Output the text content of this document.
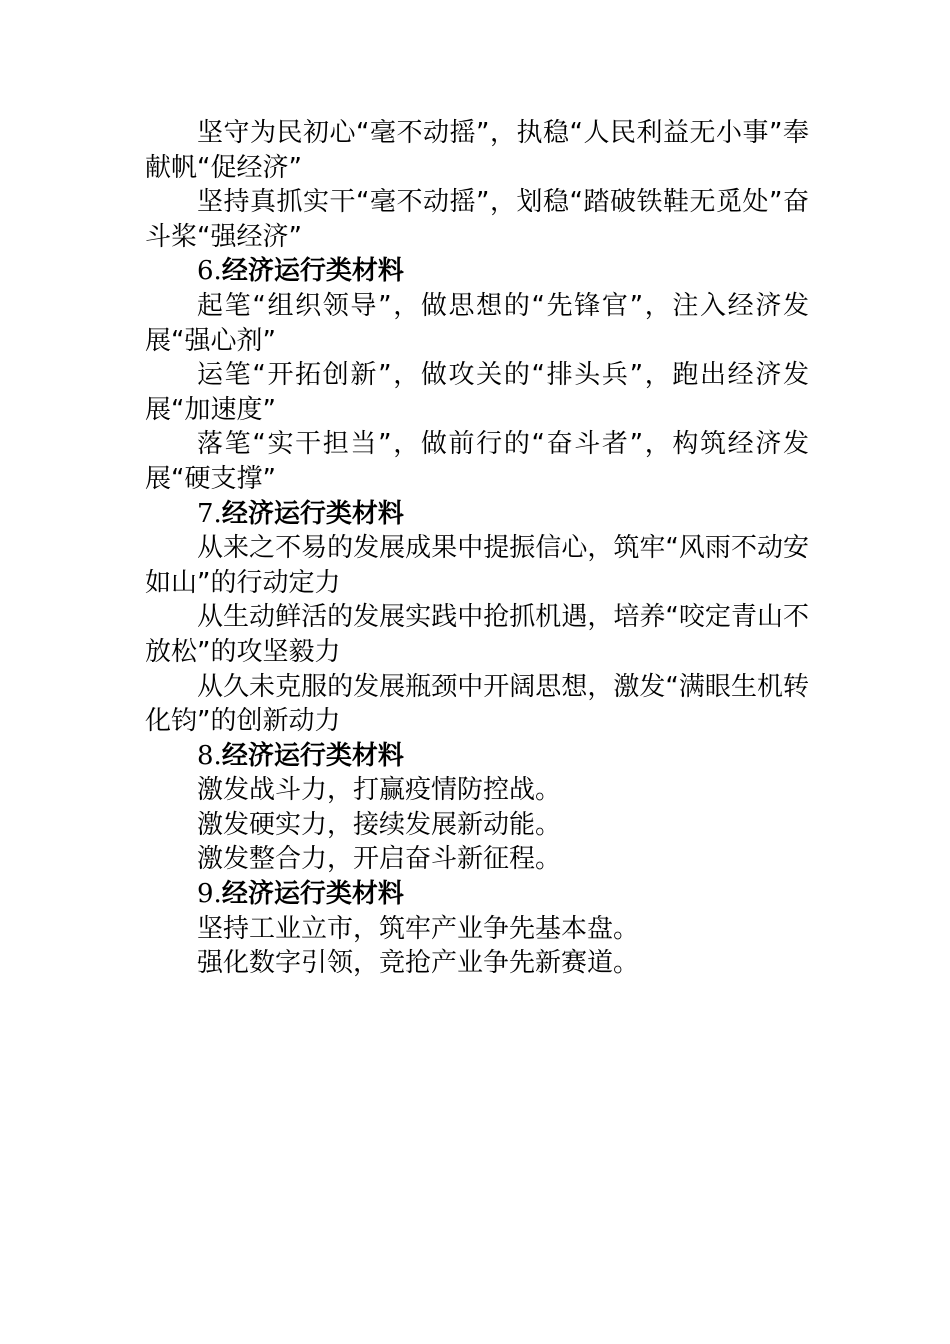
坚守为民初心“毫不动摇”，执稳“人民利益无小事”奉献帆“促经济”

坚持真抓实干“毫不动摇”，划稳“踏破铁鞋无觅处”奋斗桨“强经济”

6.经济运行类材料

起笔“组织领导”，做思想的“先锋官”，注入经济发展“强心剂”

运笔“开拓创新”，做攻关的“排头兵”，跑出经济发展“加速度”

落笔“实干担当”，做前行的“奋斗者”，构筑经济发展“硬支撑”

7.经济运行类材料

从来之不易的发展成果中提振信心，筑牢“风雨不动安如山”的行动定力

从生动鲜活的发展实践中抢抓机遇，培养“咬定青山不放松”的攻坚毅力

从久未克服的发展瓶颈中开阔思想，激发“满眼生机转化钧”的创新动力

8.经济运行类材料

激发战斗力，打赢疫情防控战。

激发硬实力，接续发展新动能。

激发整合力，开启奋斗新征程。

9.经济运行类材料

坚持工业立市，筑牢产业争先基本盘。

强化数字引领，竞抢产业争先新赛道。
